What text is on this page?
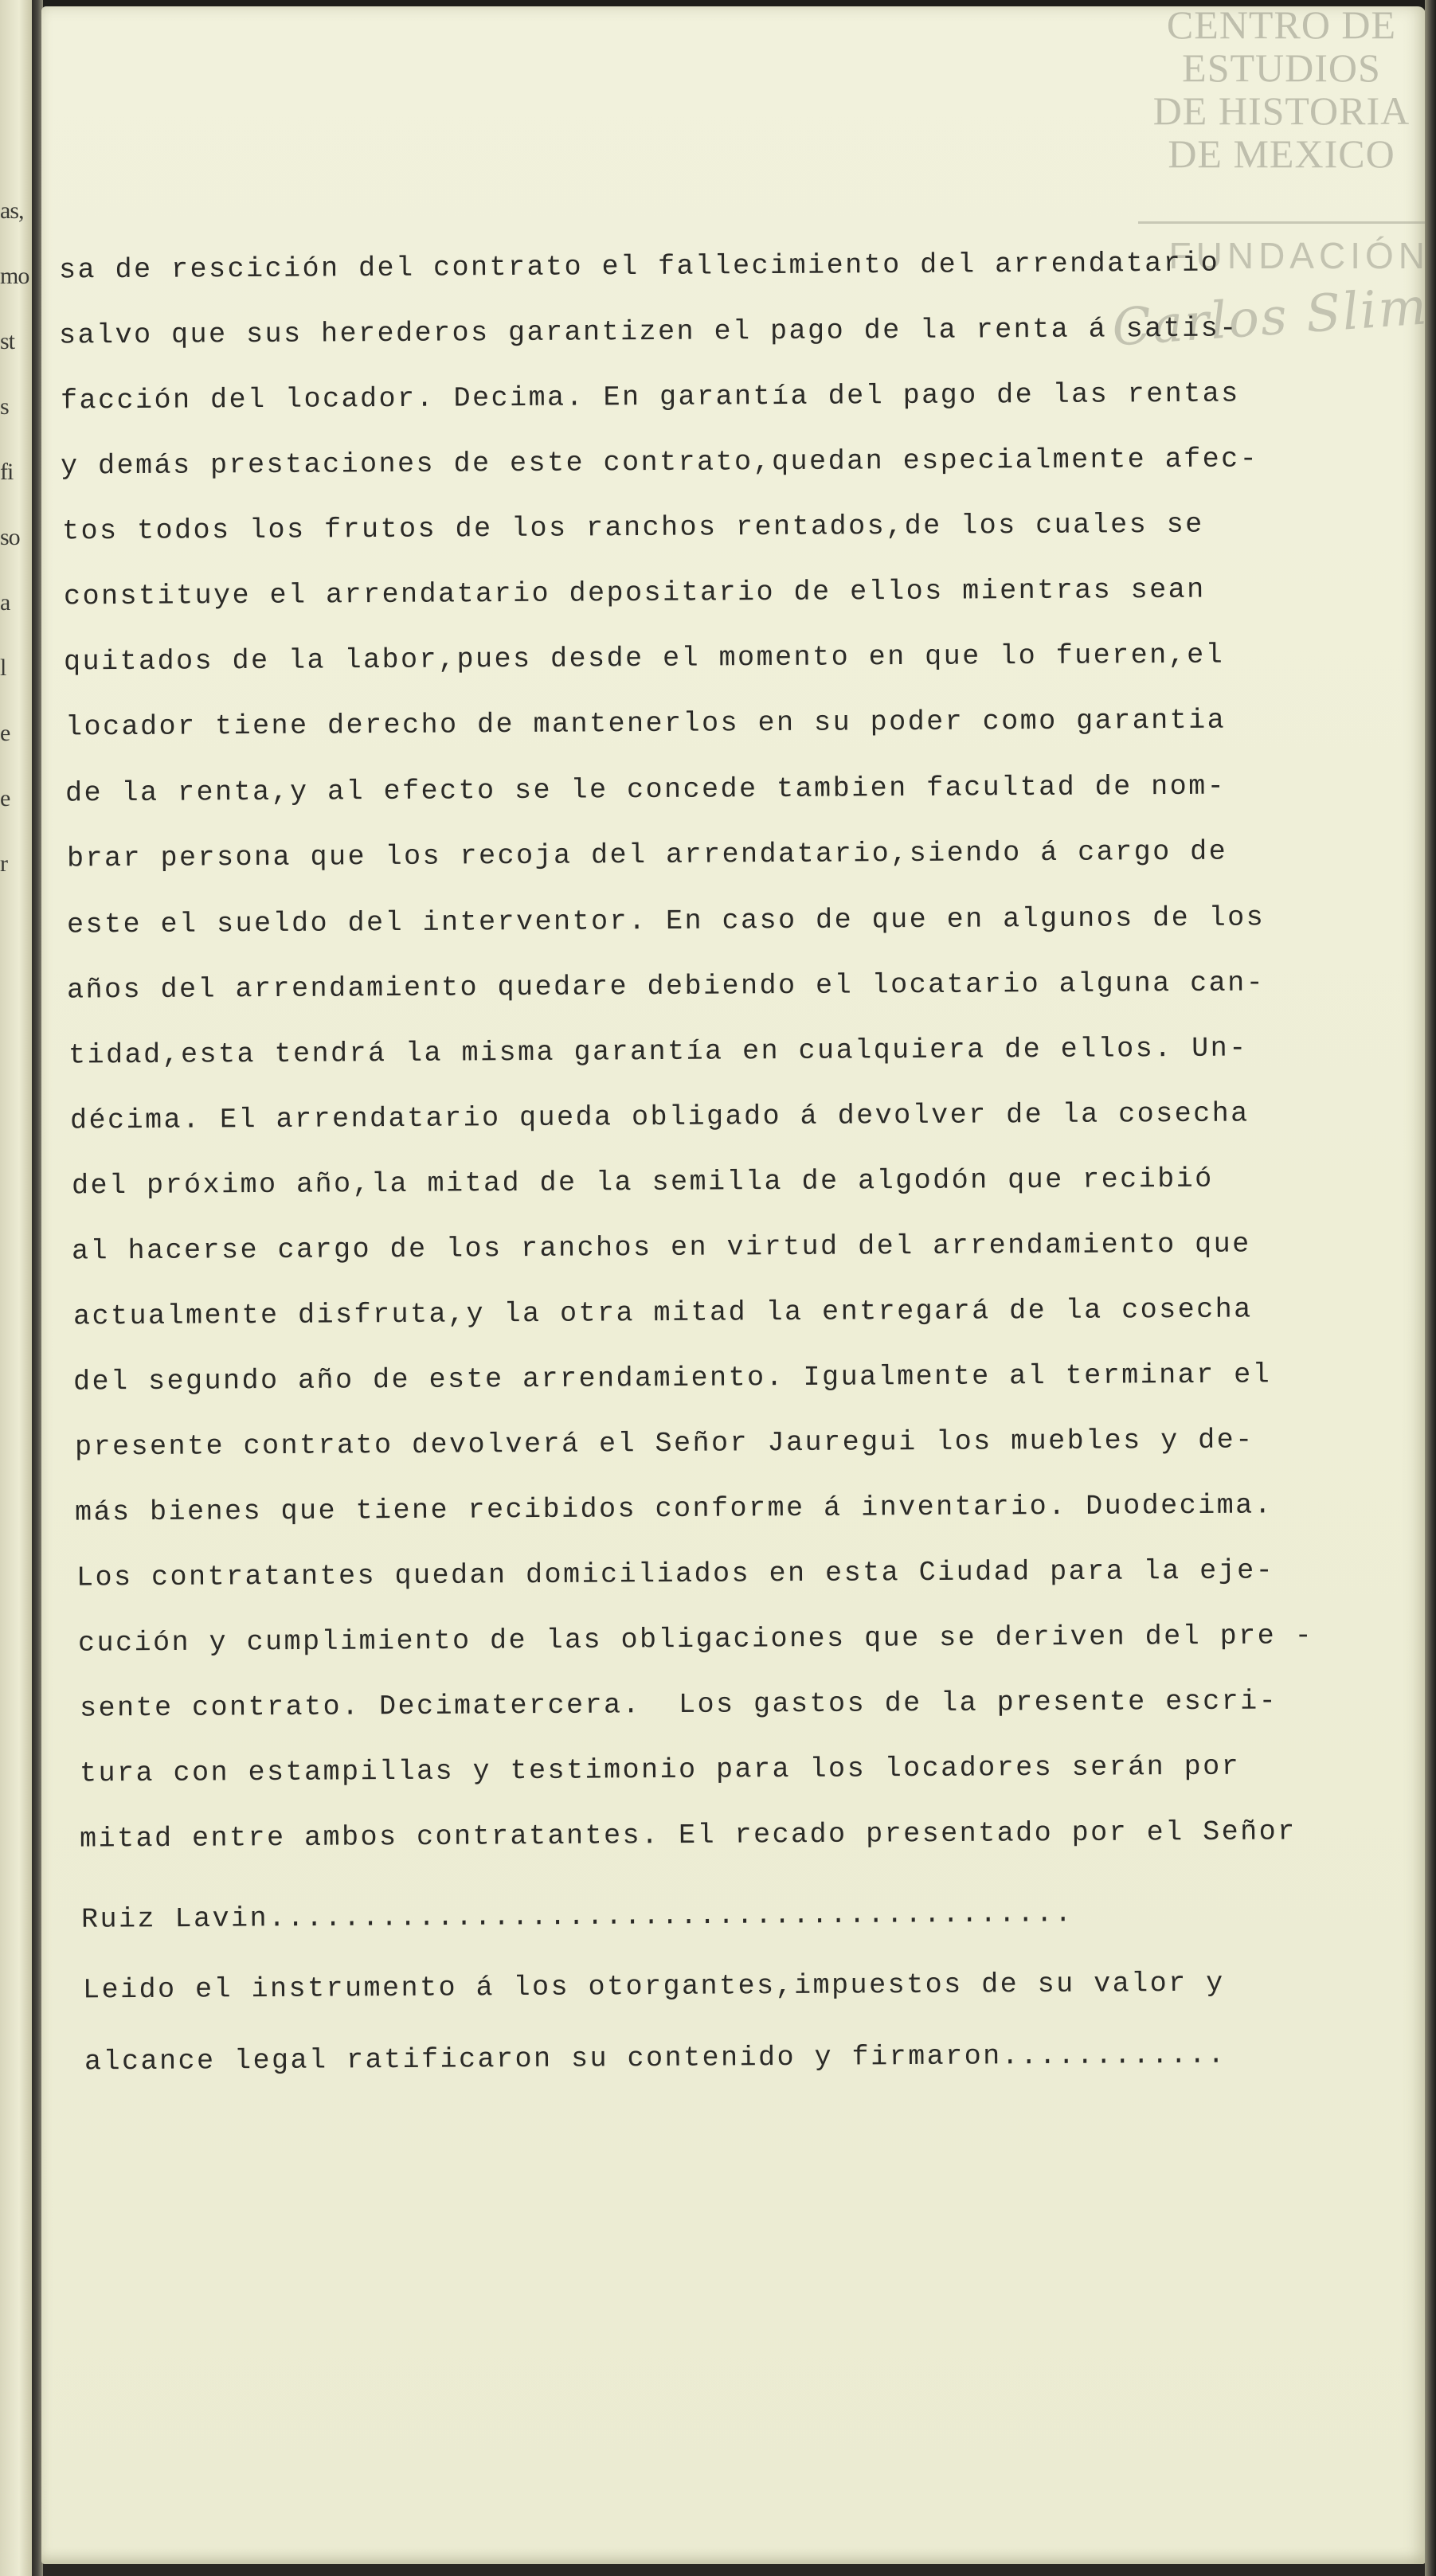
as,
mo
st
s
fi
so
a
l
e
e
r
CENTRO DE
ESTUDIOS
DE HISTORIA
DE MEXICO
FUNDACIÓN
Carlos Slim
sa de rescición del contrato el fallecimiento del arrendatario
salvo que sus herederos garantizen el pago de la renta á satis-
facción del locador. Decima. En garantía del pago de las rentas
y demás prestaciones de este contrato,quedan especialmente afec-
tos todos los frutos de los ranchos rentados,de los cuales se
constituye el arrendatario depositario de ellos mientras sean
quitados de la labor,pues desde el momento en que lo fueren,el
locador tiene derecho de mantenerlos en su poder como garantia
de la renta,y al efecto se le concede tambien facultad de nom-
brar persona que los recoja del arrendatario,siendo á cargo de
este el sueldo del interventor. En caso de que en algunos de los
años del arrendamiento quedare debiendo el locatario alguna can-
tidad,esta tendrá la misma garantía en cualquiera de ellos. Un-
décima. El arrendatario queda obligado á devolver de la cosecha
del próximo año,la mitad de la semilla de algodón que recibió
al hacerse cargo de los ranchos en virtud del arrendamiento que
actualmente disfruta,y la otra mitad la entregará de la cosecha
del segundo año de este arrendamiento. Igualmente al terminar el
presente contrato devolverá el Señor Jauregui los muebles y de-
más bienes que tiene recibidos conforme á inventario. Duodecima.
Los contratantes quedan domiciliados en esta Ciudad para la eje-
cución y cumplimiento de las obligaciones que se deriven del pre -
sente contrato. Decimatercera.  Los gastos de la presente escri-
tura con estampillas y testimonio para los locadores serán por
mitad entre ambos contratantes. El recado presentado por el Señor
Ruiz Lavin...........................................
Leido el instrumento á los otorgantes,impuestos de su valor y
alcance legal ratificaron su contenido y firmaron............
